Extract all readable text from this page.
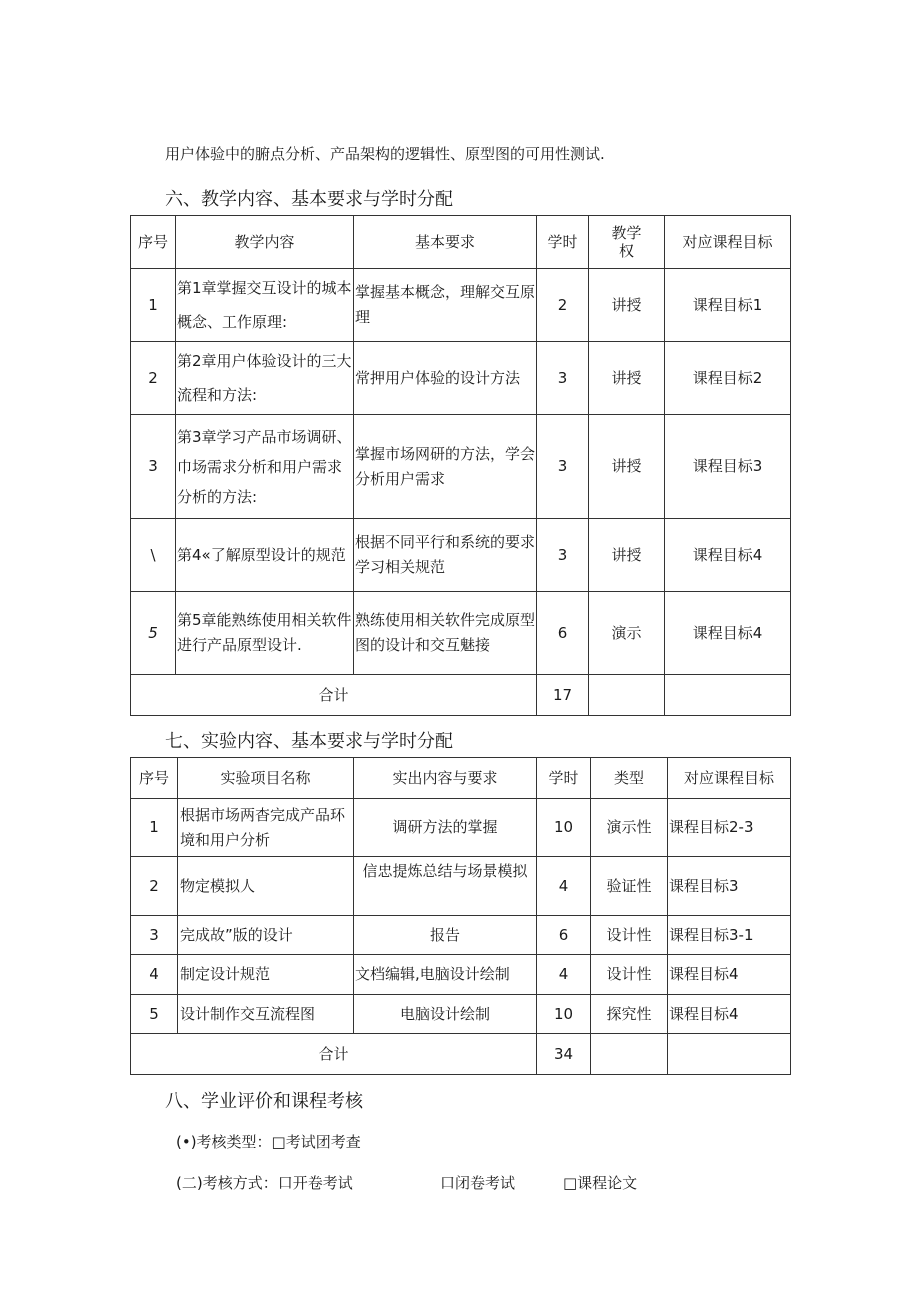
用户体验中的腑点分析、产品架构的逻辑性、原型图的可用性测试.
六、教学内容、基本要求与学时分配
序号	教学内容	基本要求	学时	教学权	对应课程目标
1	第1章掌握交互设计的城本概念、工作原理:	掌握基本概念，理解交互原理	2	讲授	课程目标1
2	第2章用户体验设计的三大流程和方法:	常押用户体验的设计方法	3	讲授	课程目标2
3	第3章学习产品市场调研、巾场需求分析和用户需求分析的方法:	掌握市场网研的方法，学会分析用户需求	3	讲授	课程目标3
\	第4«了解原型设计的规范	根据不同平行和系统的要求学习相关规范	3	讲授	课程目标4
5	第5章能熟练使用相关软件进行产品原型设计.	熟练使用相关软件完成原型图的设计和交互魅接	6	演示	课程目标4
合计			17		
七、实验内容、基本要求与学时分配
序号	实验项目名称	实出内容与要求	学时	类型	对应课程目标
1	根据市场两杳完成产品环境和用户分析	调研方法的掌握	10	演示性	课程目标2-3
2	物定模拟人	信忠提炼总结与场景模拟	4	验证性	课程目标3
3	完成故”版的设计	报告	6	设计性	课程目标3-1
4	制定设计规范	文档编辑,电脑设计绘制	4	设计性	课程目标4
5	设计制作交互流程图	电脑设计绘制	10	探究性	课程目标4
合计			34		
八、学业评价和课程考核
(•)考核类型：□考试团考查
(二)考核方式：口开卷考试	口闭卷考试	□课程论文
